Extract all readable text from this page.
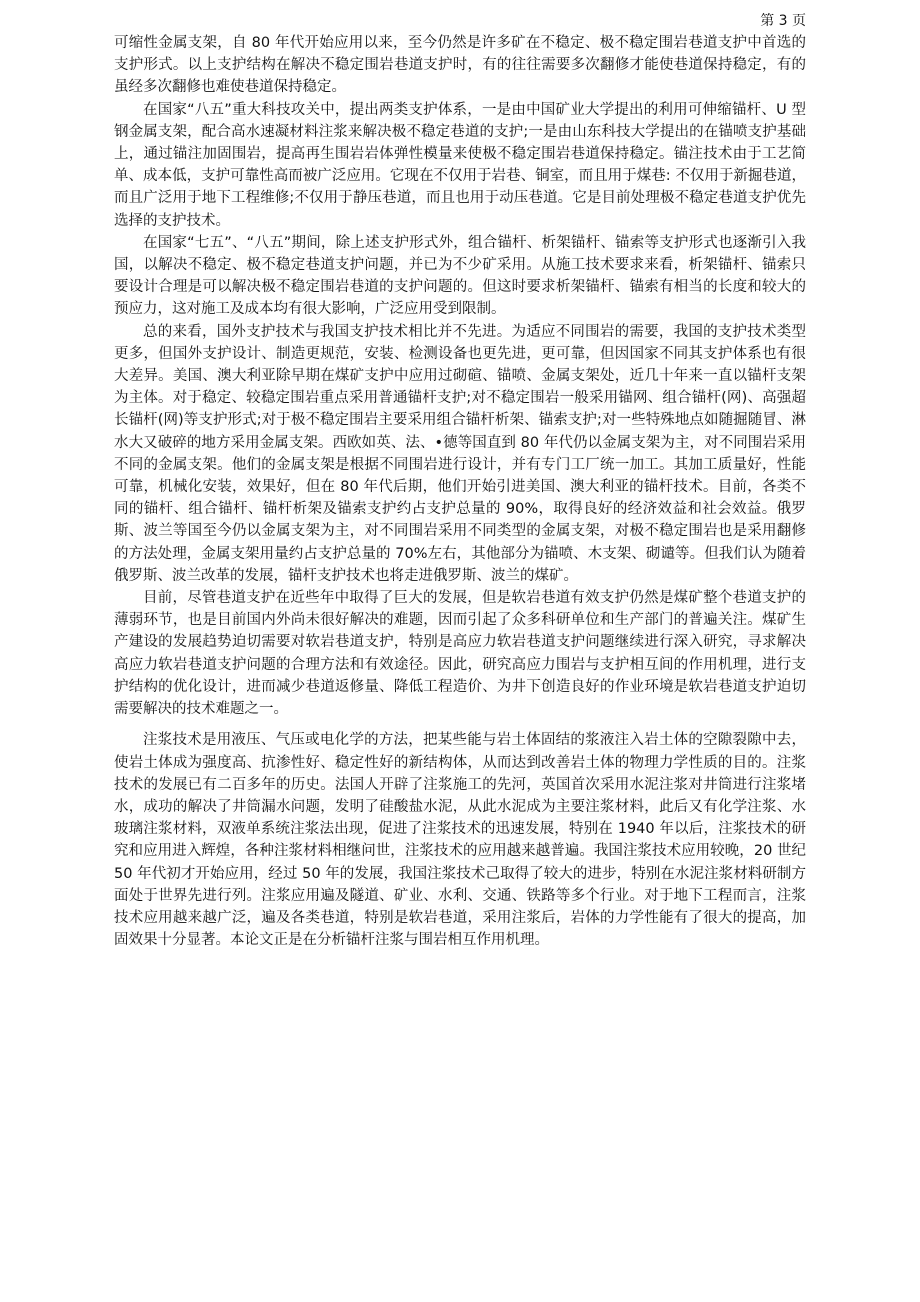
第 3 页

可缩性金属支架，自 80 年代开始应用以来，至今仍然是许多矿在不稳定、极不稳定围岩巷道支护中首选的支护形式。以上支护结构在解决不稳定围岩巷道支护时，有的往往需要多次翻修才能使巷道保持稳定，有的虽经多次翻修也难使巷道保持稳定。

在国家“八五”重大科技攻关中，提出两类支护体系，一是由中国矿业大学提出的利用可伸缩锚杆、U 型钢金属支架，配合高水速凝材料注浆来解决极不稳定巷道的支护;一是由山东科技大学提出的在锚喷支护基础上，通过锚注加固围岩，提高再生围岩岩体弹性模量来使极不稳定围岩巷道保持稳定。锚注技术由于工艺简单、成本低，支护可靠性高而被广泛应用。它现在不仅用于岩巷、铜室，而且用于煤巷: 不仅用于新掘巷道，而且广泛用于地下工程维修;不仅用于静压巷道，而且也用于动压巷道。它是目前处理极不稳定巷道支护优先选择的支护技术。

在国家“七五”、“八五”期间，除上述支护形式外，组合锚杆、析架锚杆、锚索等支护形式也逐渐引入我国，以解决不稳定、极不稳定巷道支护问题，并已为不少矿采用。从施工技术要求来看，析架锚杆、锚索只要设计合理是可以解决极不稳定围岩巷道的支护问题的。但这时要求析架锚杆、锚索有相当的长度和较大的预应力，这对施工及成本均有很大影响，广泛应用受到限制。

总的来看，国外支护技术与我国支护技术相比并不先进。为适应不同围岩的需要，我国的支护技术类型更多，但国外支护设计、制造更规范，安装、检测设备也更先进，更可靠，但因国家不同其支护体系也有很大差异。美国、澳大利亚除早期在煤矿支护中应用过砌碹、锚喷、金属支架处，近几十年来一直以锚杆支架为主体。对于稳定、较稳定围岩重点采用普通锚杆支护;对不稳定围岩一般采用锚网、组合锚杆(网)、高强超长锚杆(网)等支护形式;对于极不稳定围岩主要采用组合锚杆析架、锚索支护;对一些特殊地点如随掘随冒、淋水大又破碎的地方采用金属支架。西欧如英、法、•德等国直到 80 年代仍以金属支架为主，对不同围岩采用不同的金属支架。他们的金属支架是根据不同围岩进行设计，并有专门工厂统一加工。其加工质量好，性能可靠，机械化安装，效果好，但在 80 年代后期，他们开始引进美国、澳大利亚的锚杆技术。目前，各类不同的锚杆、组合锚杆、锚杆析架及锚索支护约占支护总量的 90%，取得良好的经济效益和社会效益。俄罗斯、波兰等国至今仍以金属支架为主，对不同围岩采用不同类型的金属支架，对极不稳定围岩也是采用翻修的方法处理，金属支架用量约占支护总量的 70%左右，其他部分为锚喷、木支架、砌谴等。但我们认为随着俄罗斯、波兰改革的发展，锚杆支护技术也将走进俄罗斯、波兰的煤矿。

目前，尽管巷道支护在近些年中取得了巨大的发展，但是软岩巷道有效支护仍然是煤矿整个巷道支护的薄弱环节，也是目前国内外尚未很好解决的难题，因而引起了众多科研单位和生产部门的普遍关注。煤矿生产建设的发展趋势迫切需要对软岩巷道支护，特别是高应力软岩巷道支护问题继续进行深入研究，寻求解决高应力软岩巷道支护问题的合理方法和有效途径。因此，研究高应力围岩与支护相互间的作用机理，进行支护结构的优化设计，进而减少巷道返修量、降低工程造价、为井下创造良好的作业环境是软岩巷道支护迫切需要解决的技术难题之一。

注浆技术是用液压、气压或电化学的方法，把某些能与岩土体固结的浆液注入岩土体的空隙裂隙中去，使岩土体成为强度高、抗渗性好、稳定性好的新结构体，从而达到改善岩土体的物理力学性质的目的。注浆技术的发展已有二百多年的历史。法国人开辟了注浆施工的先河，英国首次采用水泥注浆对井筒进行注浆堵水，成功的解决了井筒漏水问题，发明了硅酸盐水泥，从此水泥成为主要注浆材料，此后又有化学注浆、水玻璃注浆材料，双液单系统注浆法出现，促进了注浆技术的迅速发展，特别在 1940 年以后，注浆技术的研究和应用进入辉煌，各种注浆材料相继问世，注浆技术的应用越来越普遍。我国注浆技术应用较晚，20 世纪 50 年代初才开始应用，经过 50 年的发展，我国注浆技术己取得了较大的进步，特别在水泥注浆材料研制方面处于世界先进行列。注浆应用遍及隧道、矿业、水利、交通、铁路等多个行业。对于地下工程而言，注浆技术应用越来越广泛，遍及各类巷道，特别是软岩巷道，采用注浆后，岩体的力学性能有了很大的提高，加固效果十分显著。本论文正是在分析锚杆注浆与围岩相互作用机理。
